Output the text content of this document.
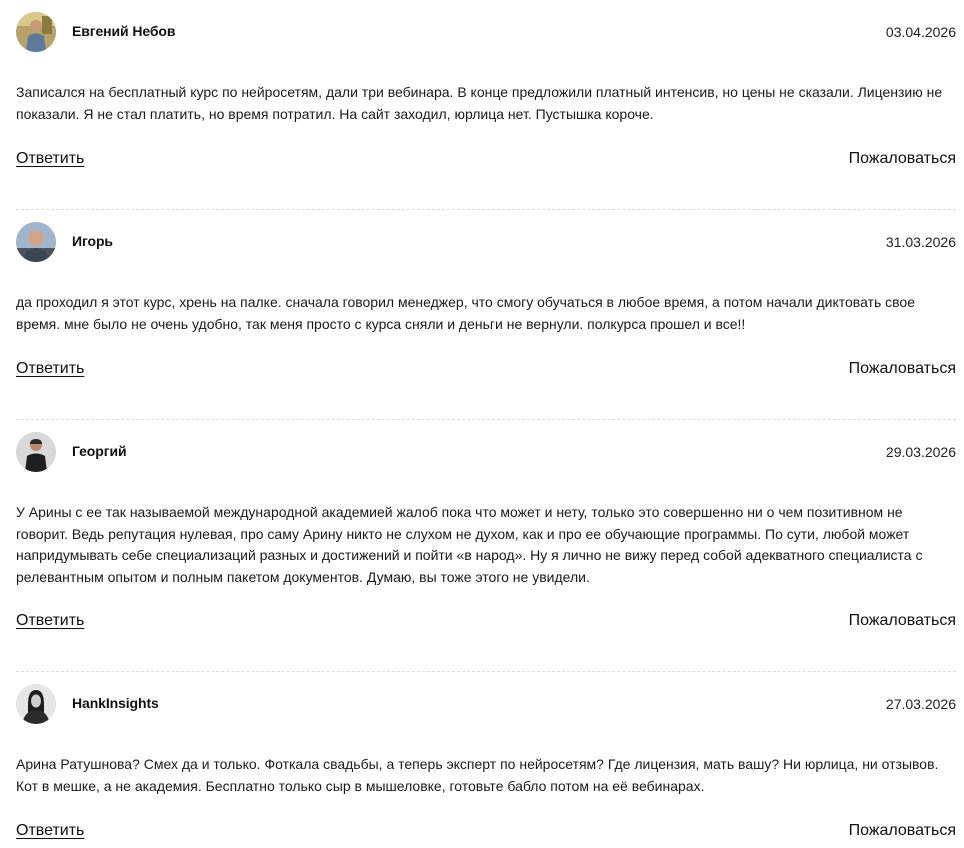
Евгений Небов	03.04.2026
Записался на бесплатный курс по нейросетям, дали три вебинара. В конце предложили платный интенсив, но цены не сказали. Лицензию не показали. Я не стал платить, но время потратил. На сайт заходил, юрлица нет. Пустышка короче.
Ответить	Пожаловаться
Игорь	31.03.2026
да проходил я этот курс, хрень на палке. сначала говорил менеджер, что смогу обучаться в любое время, а потом начали диктовать свое время. мне было не очень удобно, так меня просто с курса сняли и деньги не вернули. полкурса прошел и все!!
Ответить	Пожаловаться
Георгий	29.03.2026
У Арины с ее так называемой международной академией жалоб пока что может и нету, только это совершенно ни о чем позитивном не говорит. Ведь репутация нулевая, про саму Арину никто не слухом не духом, как и про ее обучающие программы. По сути, любой может напридумывать себе специализаций разных и достижений и пойти «в народ». Ну я лично не вижу перед собой адекватного специалиста с релевантным опытом и полным пакетом документов. Думаю, вы тоже этого не увидели.
Ответить	Пожаловаться
HankInsights	27.03.2026
Арина Ратушнова? Смех да и только. Фоткала свадьбы, а теперь эксперт по нейросетям? Где лицензия, мать вашу? Ни юрлица, ни отзывов. Кот в мешке, а не академия. Бесплатно только сыр в мышеловке, готовьте бабло потом на её вебинарах.
Ответить	Пожаловаться
